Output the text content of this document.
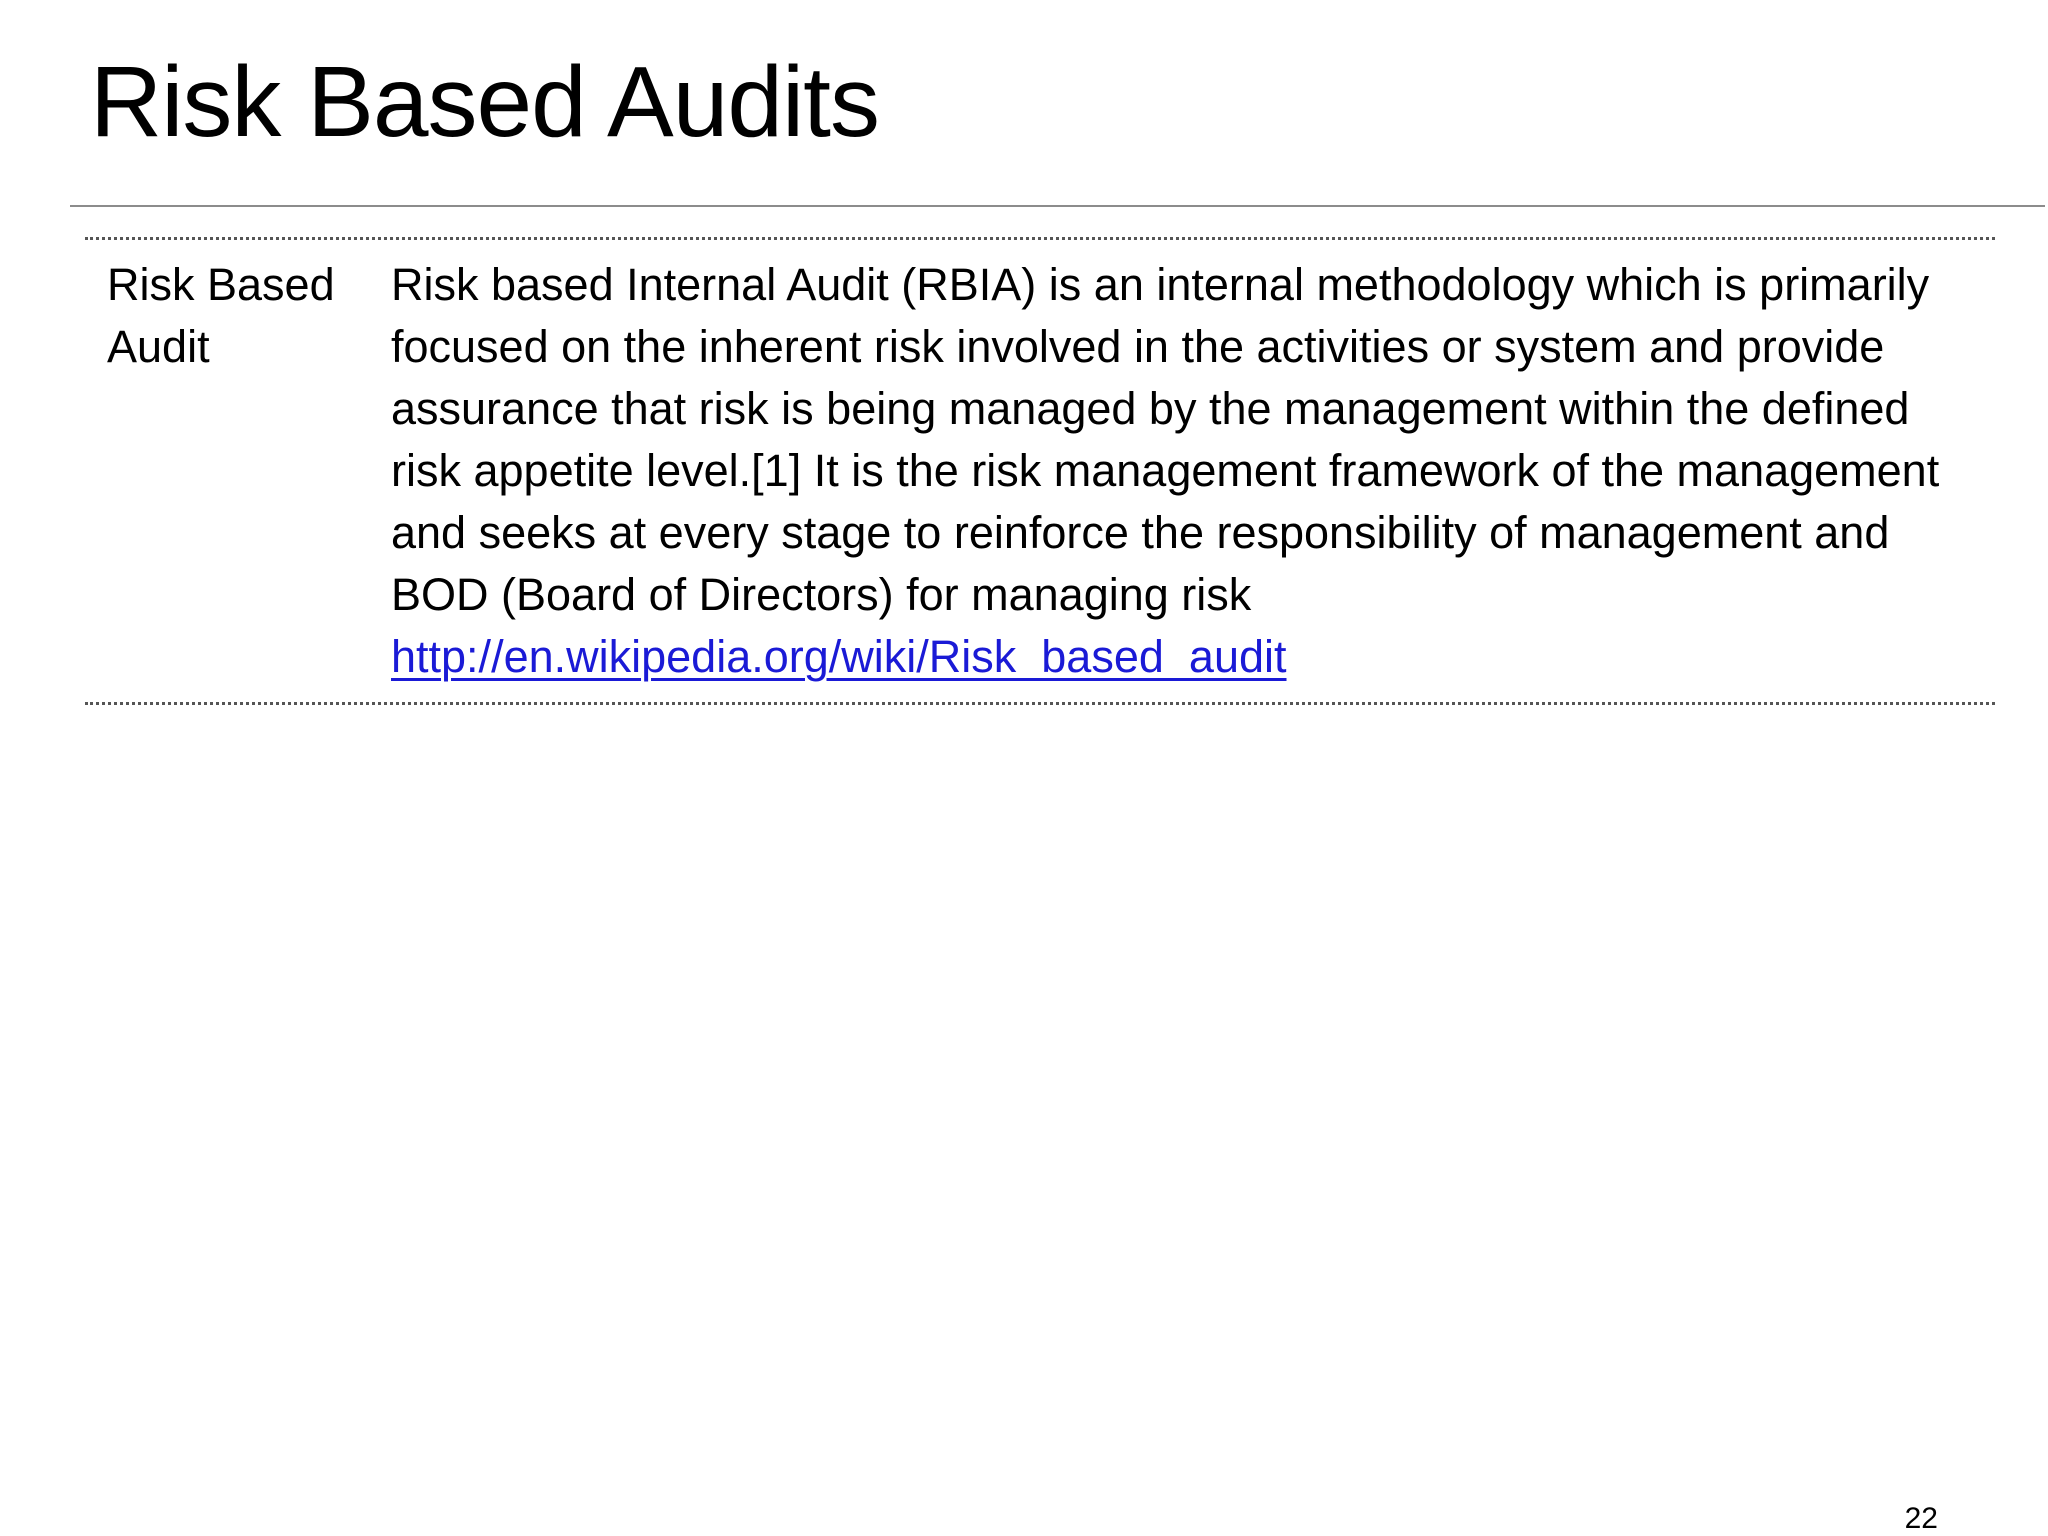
Risk Based Audits
Risk Based Audit
Risk based Internal Audit (RBIA) is an internal methodology which is primarily focused on the inherent risk involved in the activities or system and provide assurance that risk is being managed by the management within the defined risk appetite level.[1] It is the risk management framework of the management and seeks at every stage to reinforce the responsibility of management and BOD (Board of Directors) for managing risk
http://en.wikipedia.org/wiki/Risk_based_audit
22
